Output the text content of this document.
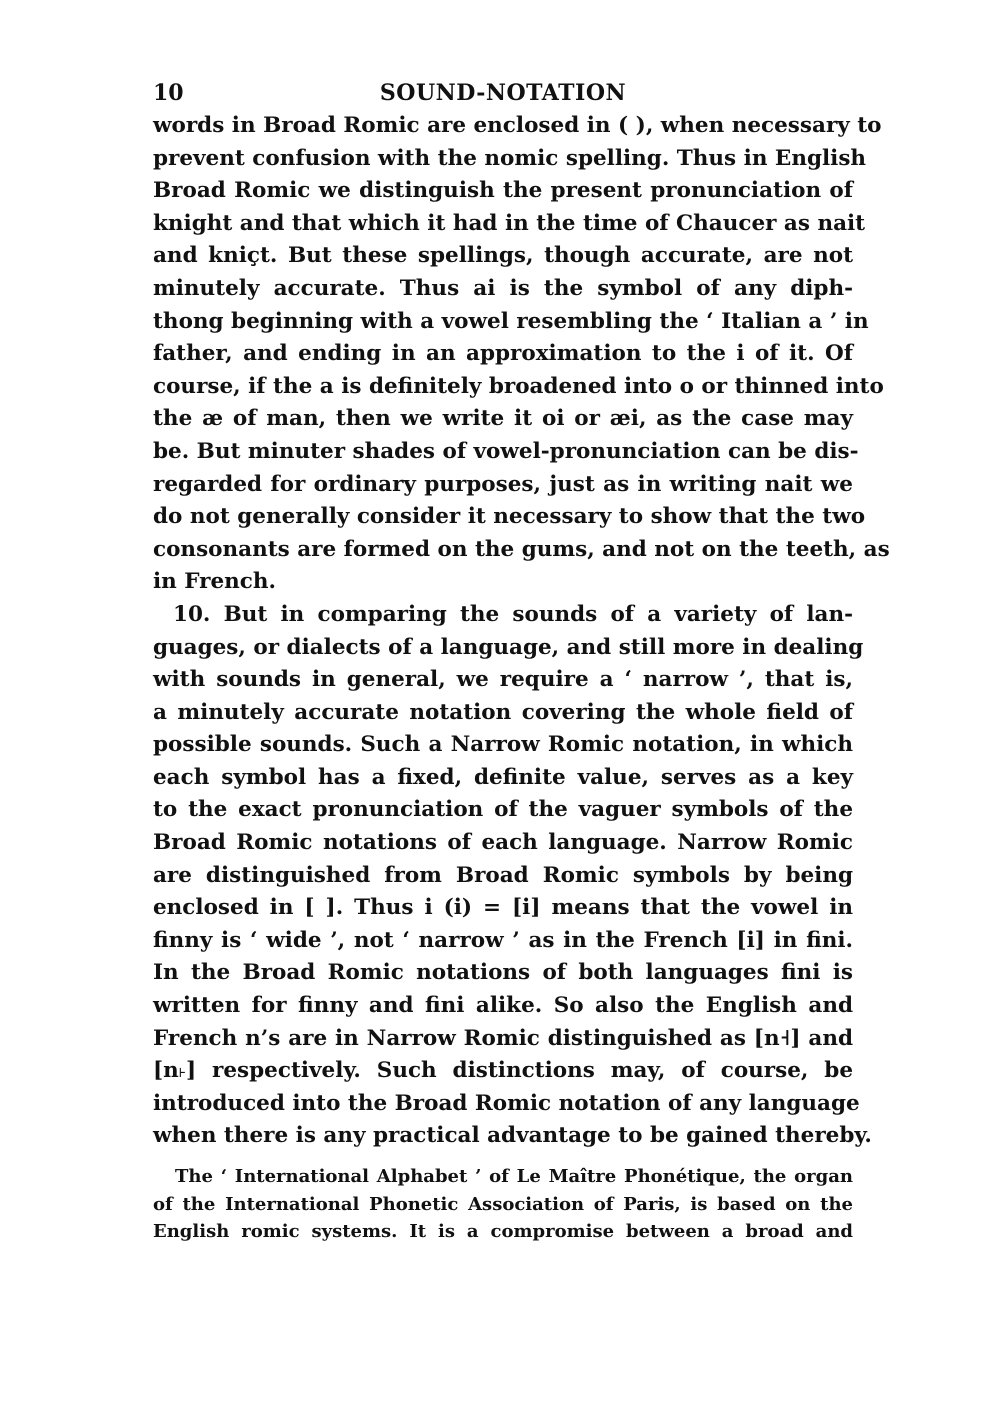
10	SOUND-NOTATION
words in Broad Romic are enclosed in ( ), when necessary to
prevent confusion with the nomic spelling. Thus in English
Broad Romic we distinguish the present pronunciation of
knight and that which it had in the time of Chaucer as nait
and kniçt. But these spellings, though accurate, are not
minutely accurate. Thus ai is the symbol of any diph-
thong beginning with a vowel resembling the ‘ Italian a ’ in
father, and ending in an approximation to the i of it. Of
course, if the a is definitely broadened into o or thinned into
the æ of man, then we write it oi or æi, as the case may
be. But minuter shades of vowel-pronunciation can be dis-
regarded for ordinary purposes, just as in writing nait we
do not generally consider it necessary to show that the two
consonants are formed on the gums, and not on the teeth, as
in French.
10. But in comparing the sounds of a variety of lan-
guages, or dialects of a language, and still more in dealing
with sounds in general, we require a ‘ narrow ’, that is,
a minutely accurate notation covering the whole field of
possible sounds. Such a Narrow Romic notation, in which
each symbol has a fixed, definite value, serves as a key
to the exact pronunciation of the vaguer symbols of the
Broad Romic notations of each language. Narrow Romic
are distinguished from Broad Romic symbols by being
enclosed in [ ]. Thus i (i) = [i] means that the vowel in
finny is ‘ wide ’, not ‘ narrow ’ as in the French [i] in fini.
In the Broad Romic notations of both languages fini is
written for finny and fini alike. So also the English and
French n’s are in Narrow Romic distinguished as [n˧] and
[n˫] respectively. Such distinctions may, of course, be
introduced into the Broad Romic notation of any language
when there is any practical advantage to be gained thereby.
The ‘ International Alphabet ’ of Le Maître Phonétique, the organ
of the International Phonetic Association of Paris, is based on the
English romic systems. It is a compromise between a broad and
